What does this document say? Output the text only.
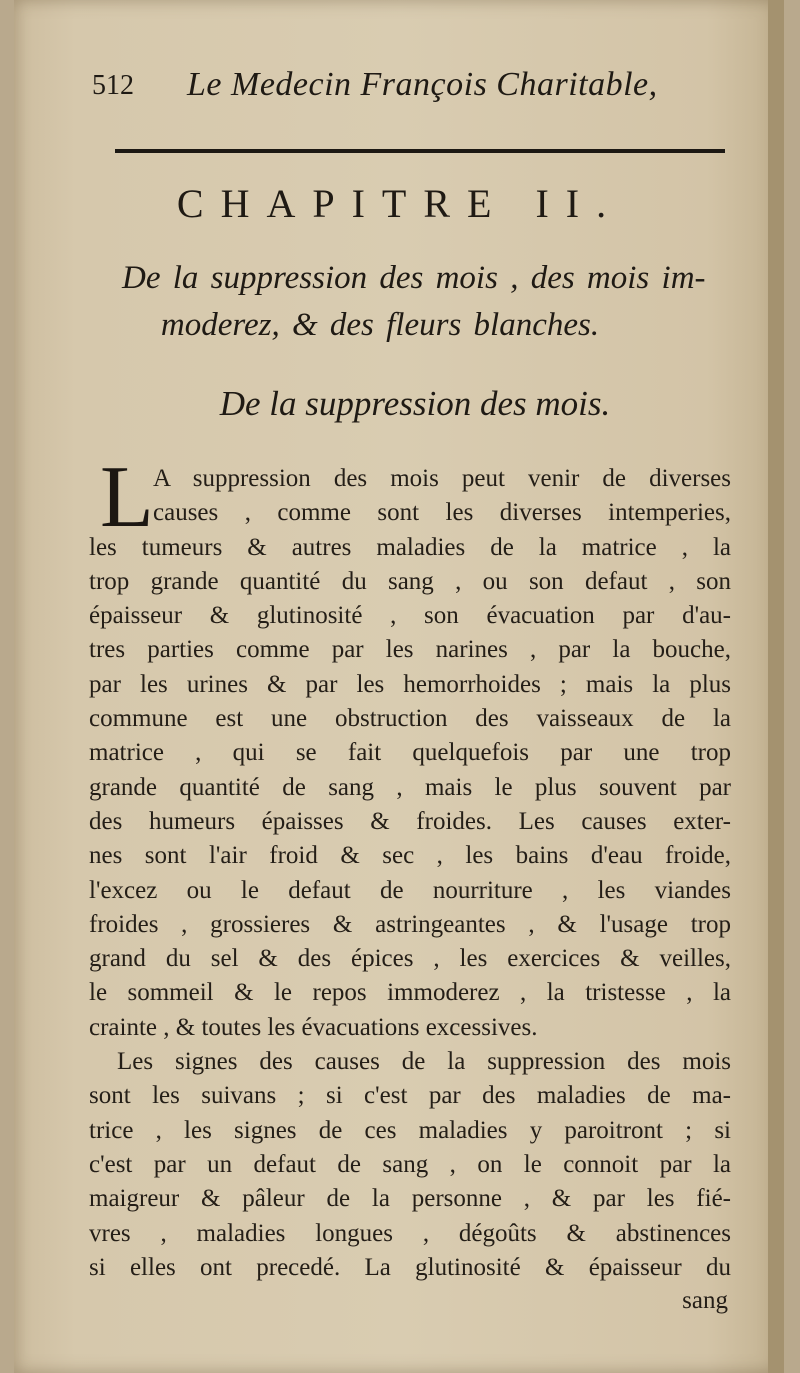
512 Le Medecin François Charitable,
CHAPITRE II.
De la suppression des mois , des mois im-
moderez, & des fleurs blanches.
De la suppression des mois.
L A suppression des mois peut venir de diverses
causes , comme sont les diverses intemperies,
les tumeurs & autres maladies de la matrice , la
trop grande quantité du sang , ou son defaut , son
épaisseur & glutinosité , son évacuation par d'au-
tres parties comme par les narines , par la bouche,
par les urines & par les hemorrhoides ; mais la plus
commune est une obstruction des vaisseaux de la
matrice , qui se fait quelquefois par une trop
grande quantité de sang , mais le plus souvent par
des humeurs épaisses & froides. Les causes exter-
nes sont l'air froid & sec , les bains d'eau froide,
l'excez ou le defaut de nourriture , les viandes
froides , grossieres & astringeantes , & l'usage trop
grand du sel & des épices , les exercices & veilles,
le sommeil & le repos immoderez , la tristesse , la
crainte , & toutes les évacuations excessives.
Les signes des causes de la suppression des mois
sont les suivans ; si c'est par des maladies de ma-
trice , les signes de ces maladies y paroitront ; si
c'est par un defaut de sang , on le connoit par la
maigreur & pâleur de la personne , & par les fié-
vres , maladies longues , dégoûts & abstinences
si elles ont precedé. La glutinosité & épaisseur du
sang
